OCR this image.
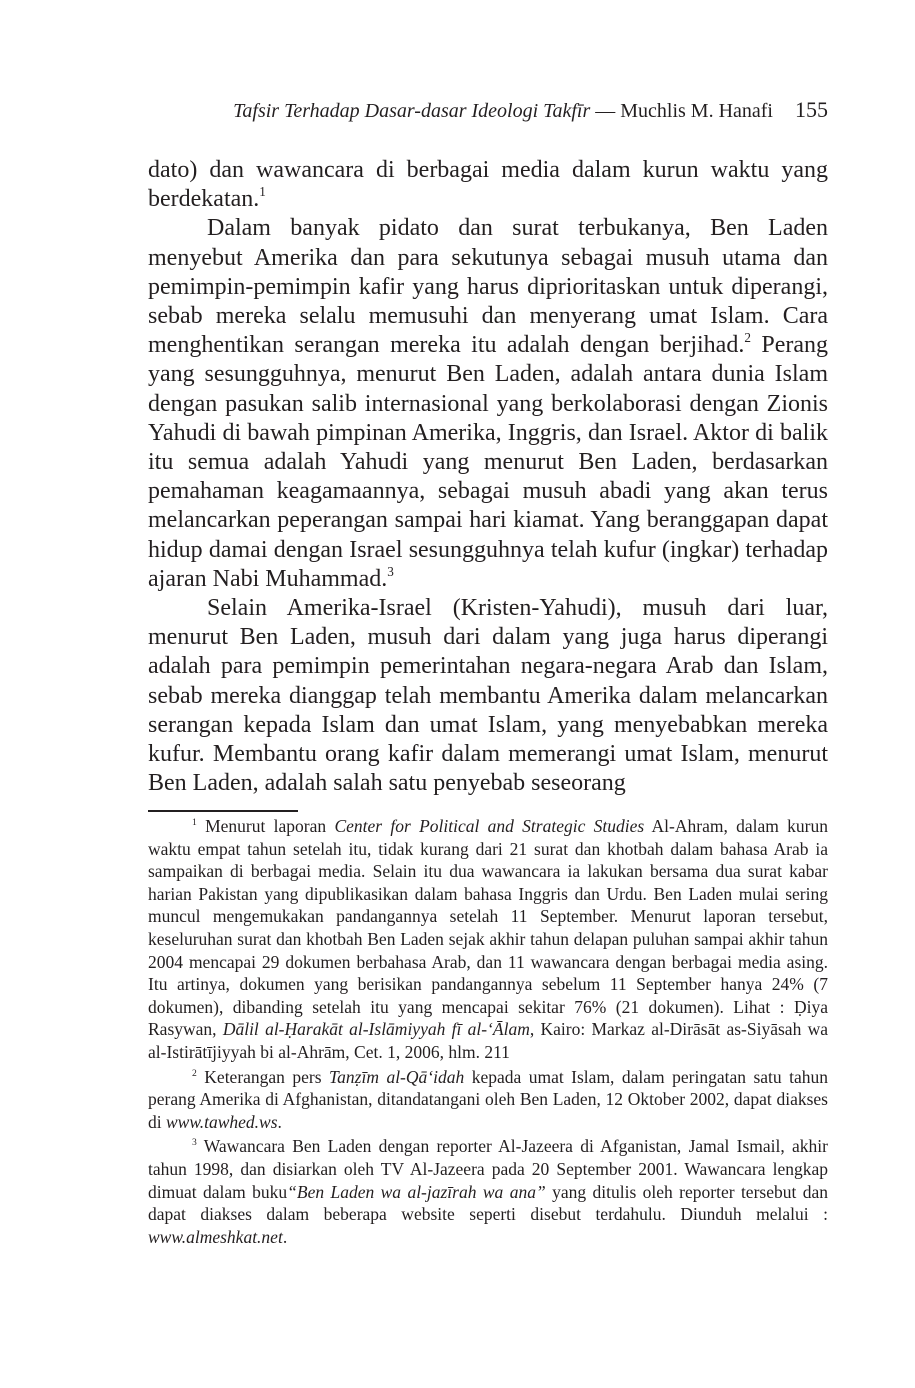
Tafsir Terhadap Dasar-dasar Ideologi Takfīr — Muchlis M. Hanafi 155

dato) dan wawancara di berbagai media dalam kurun waktu yang berdekatan.$^1$

Dalam banyak pidato dan surat terbukanya, Ben Laden menyebut Amerika dan para sekutunya sebagai musuh utama dan pemimpin-pemimpin kafir yang harus diprioritaskan untuk diperangi, sebab mereka selalu memusuhi dan menyerang umat Islam. Cara menghentikan serangan mereka itu adalah dengan berjihad.$^2$ Perang yang sesungguhnya, menurut Ben Laden, adalah antara dunia Islam dengan pasukan salib internasional yang berkolaborasi dengan Zionis Yahudi di bawah pimpinan Amerika, Inggris, dan Israel. Aktor di balik itu semua adalah Yahudi yang menurut Ben Laden, berdasarkan pemahaman keagamaannya, sebagai musuh abadi yang akan terus melancarkan peperangan sampai hari kiamat. Yang beranggapan dapat hidup damai dengan Israel sesungguhnya telah kufur (ingkar) terhadap ajaran Nabi Muhammad.$^3$

Selain Amerika-Israel (Kristen-Yahudi), musuh dari luar, menurut Ben Laden, musuh dari dalam yang juga harus diperangi adalah para pemimpin pemerintahan negara-negara Arab dan Islam, sebab mereka dianggap telah membantu Amerika dalam melancarkan serangan kepada Islam dan umat Islam, yang menyebabkan mereka kufur. Membantu orang kafir dalam memerangi umat Islam, menurut Ben Laden, adalah salah satu penyebab seseorang

$^1$ Menurut laporan Center for Political and Strategic Studies Al-Ahram, dalam kurun waktu empat tahun setelah itu, tidak kurang dari 21 surat dan khotbah dalam bahasa Arab ia sampaikan di berbagai media. Selain itu dua wawancara ia lakukan bersama dua surat kabar harian Pakistan yang dipublikasikan dalam bahasa Inggris dan Urdu. Ben Laden mulai sering muncul mengemukakan pandangannya setelah 11 September. Menurut laporan tersebut, keseluruhan surat dan khotbah Ben Laden sejak akhir tahun delapan puluhan sampai akhir tahun 2004 mencapai 29 dokumen berbahasa Arab, dan 11 wawancara dengan berbagai media asing. Itu artinya, dokumen yang berisikan pandangannya sebelum 11 September hanya 24% (7 dokumen), dibanding setelah itu yang mencapai sekitar 76% (21 dokumen). Lihat : Ḍiya Rasywan, Dālil al-Ḥarakāt al-Islāmiyyah fī al-‘Ālam, Kairo: Markaz al-Dirāsāt as-Siyāsah wa al-Istirātījiyyah bi al-Ahrām, Cet. 1, 2006, hlm. 211

$^2$ Keterangan pers Tanẓīm al-Qā‘idah kepada umat Islam, dalam peringatan satu tahun perang Amerika di Afghanistan, ditandatangani oleh Ben Laden, 12 Oktober 2002, dapat diakses di www.tawhed.ws.

$^3$ Wawancara Ben Laden dengan reporter Al-Jazeera di Afganistan, Jamal Ismail, akhir tahun 1998, dan disiarkan oleh TV Al-Jazeera pada 20 September 2001. Wawancara lengkap dimuat dalam buku“Ben Laden wa al-jazīrah wa ana” yang ditulis oleh reporter tersebut dan dapat diakses dalam beberapa website seperti disebut terdahulu. Diunduh melalui : www.almeshkat.net.
